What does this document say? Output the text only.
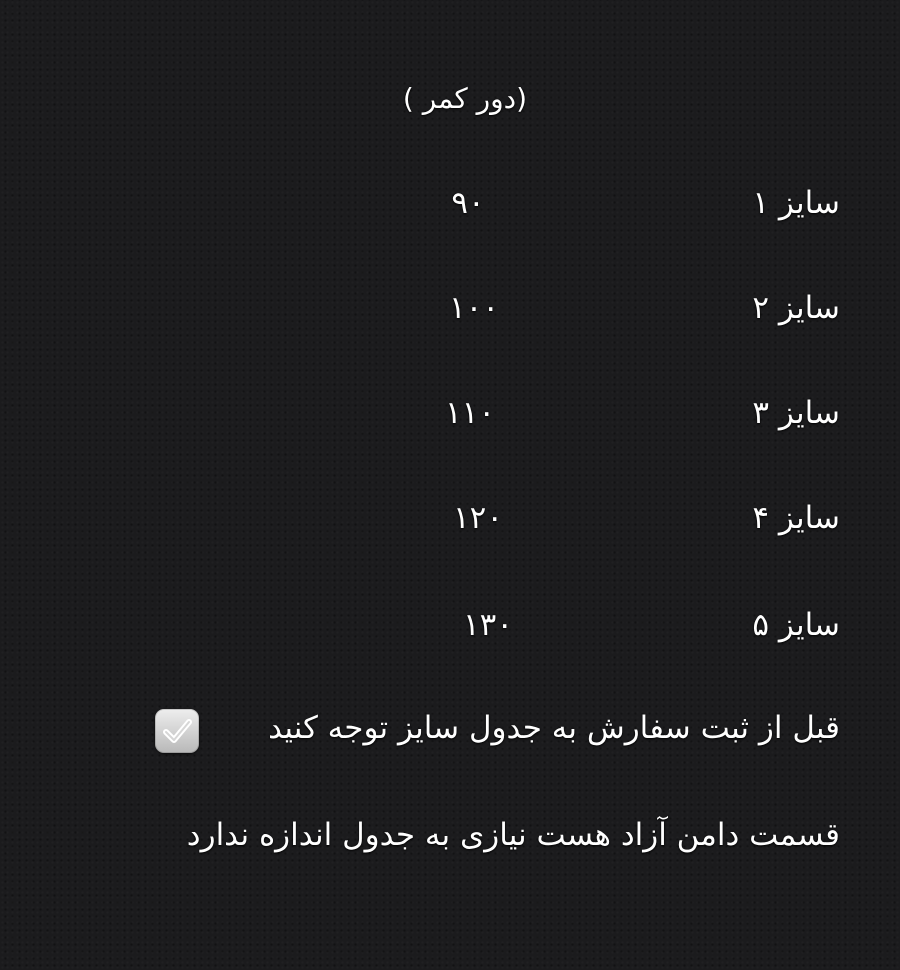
(دور کمر )
سایز ۱
۹۰
سایز ۲
۱۰۰
سایز ۳
۱۱۰
سایز ۴
۱۲۰
سایز ۵
۱۳۰
قبل از ثبت سفارش به جدول سایز توجه کنید
قسمت دامن آزاد هست نیازی به جدول اندازه ندارد
